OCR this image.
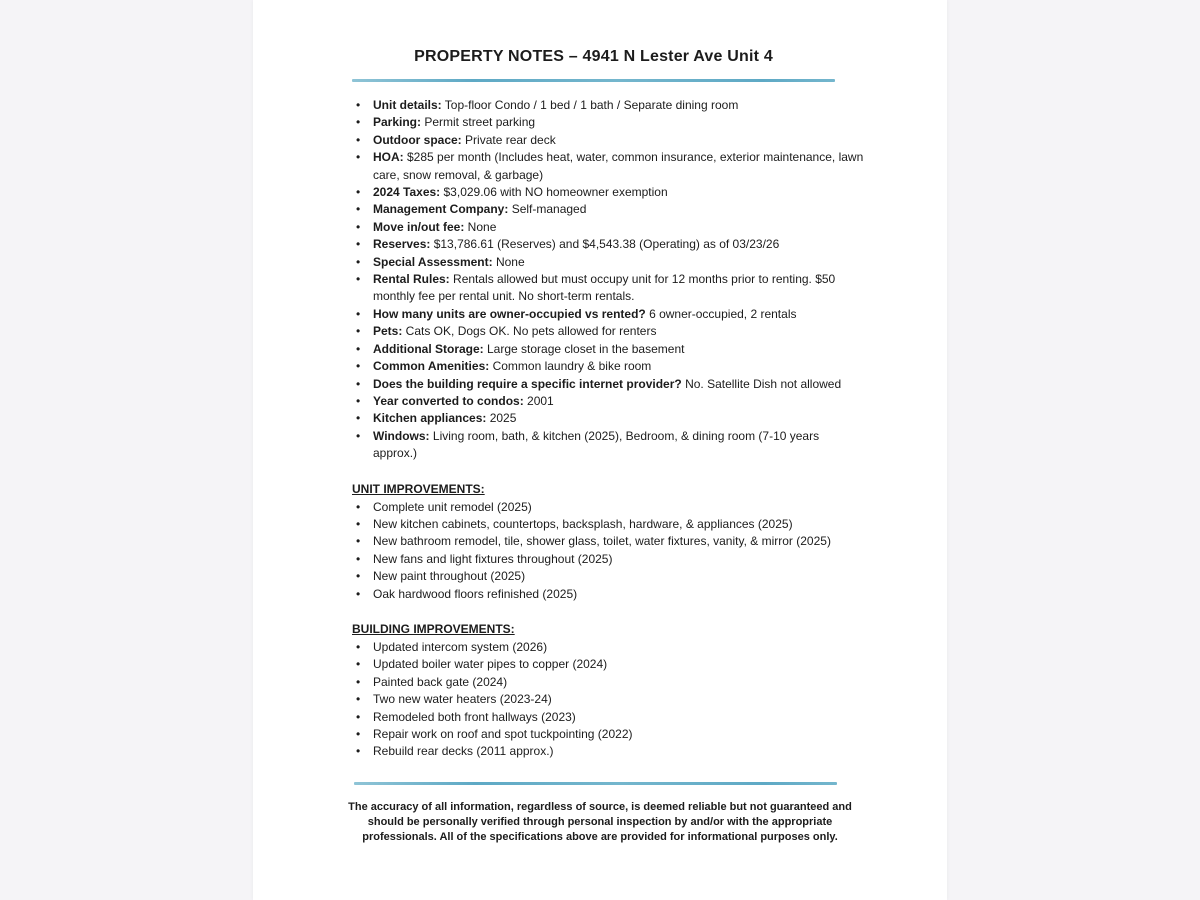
PROPERTY NOTES – 4941 N Lester Ave Unit 4
• Unit details: Top-floor Condo / 1 bed / 1 bath / Separate dining room
• Parking: Permit street parking
• Outdoor space: Private rear deck
• HOA: $285 per month (Includes heat, water, common insurance, exterior maintenance, lawn care, snow removal, & garbage)
• 2024 Taxes: $3,029.06 with NO homeowner exemption
• Management Company: Self-managed
• Move in/out fee: None
• Reserves: $13,786.61 (Reserves) and $4,543.38 (Operating) as of 03/23/26
• Special Assessment: None
• Rental Rules: Rentals allowed but must occupy unit for 12 months prior to renting. $50 monthly fee per rental unit. No short-term rentals.
• How many units are owner-occupied vs rented? 6 owner-occupied, 2 rentals
• Pets: Cats OK, Dogs OK. No pets allowed for renters
• Additional Storage: Large storage closet in the basement
• Common Amenities: Common laundry & bike room
• Does the building require a specific internet provider? No. Satellite Dish not allowed
• Year converted to condos: 2001
• Kitchen appliances: 2025
• Windows: Living room, bath, & kitchen (2025), Bedroom, & dining room (7-10 years approx.)
UNIT IMPROVEMENTS:
• Complete unit remodel (2025)
• New kitchen cabinets, countertops, backsplash, hardware, & appliances (2025)
• New bathroom remodel, tile, shower glass, toilet, water fixtures, vanity, & mirror (2025)
• New fans and light fixtures throughout (2025)
• New paint throughout (2025)
• Oak hardwood floors refinished (2025)
BUILDING IMPROVEMENTS:
• Updated intercom system (2026)
• Updated boiler water pipes to copper (2024)
• Painted back gate (2024)
• Two new water heaters (2023-24)
• Remodeled both front hallways (2023)
• Repair work on roof and spot tuckpointing (2022)
• Rebuild rear decks (2011 approx.)

The accuracy of all information, regardless of source, is deemed reliable but not guaranteed and should be personally verified through personal inspection by and/or with the appropriate professionals. All of the specifications above are provided for informational purposes only.
